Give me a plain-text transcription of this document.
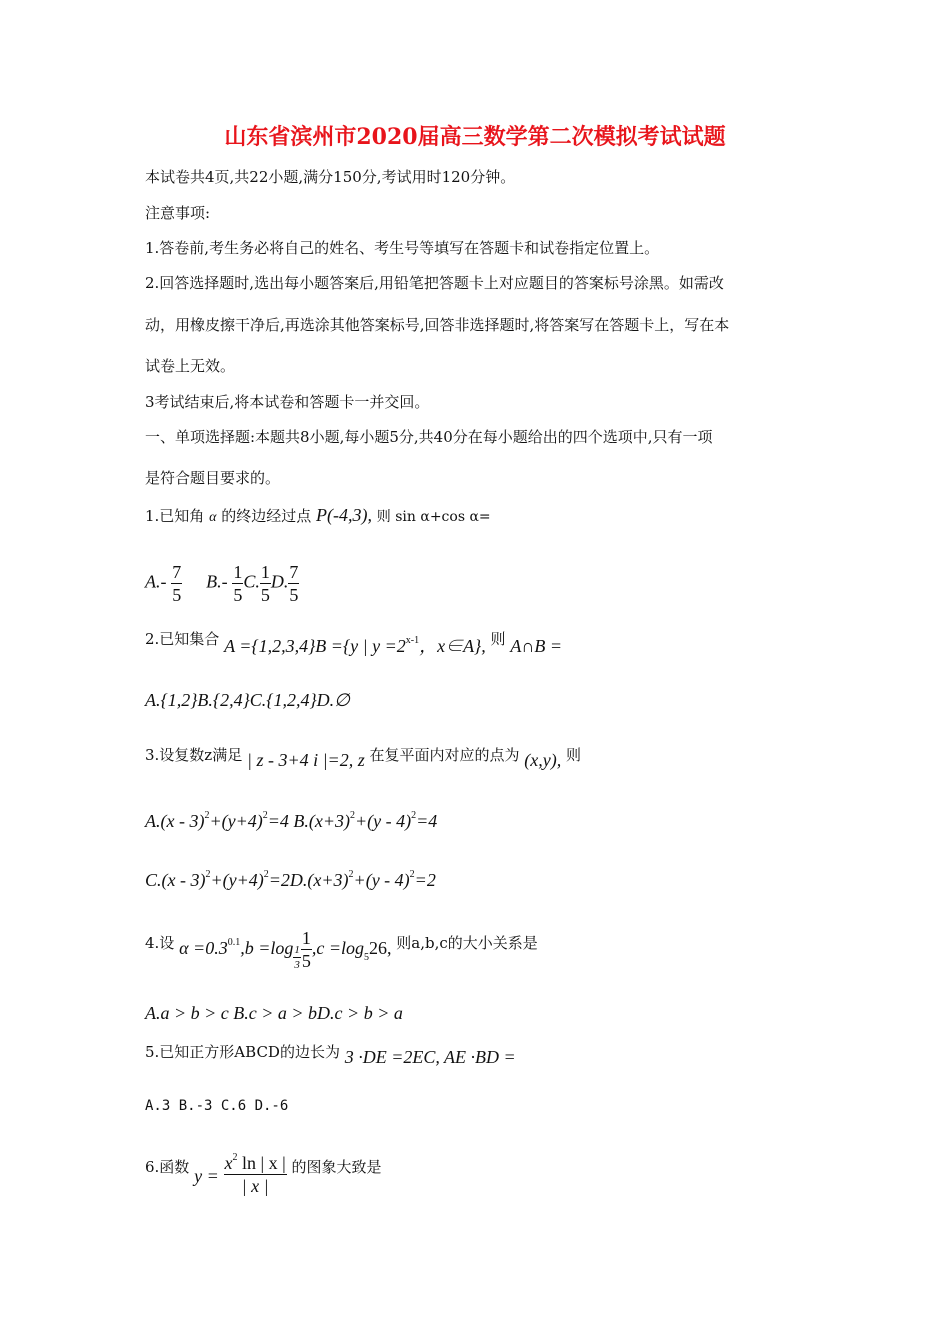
山东省滨州市2020届高三数学第二次模拟考试试题
本试卷共4页,共22小题,满分150分,考试用时120分钟。
注意事项:
1.答卷前,考生务必将自己的姓名、考生号等填写在答题卡和试卷指定位置上。
2.回答选择题时,选出每小题答案后,用铅笔把答题卡上对应题目的答案标号涂黑。如需改
动，用橡皮擦干净后,再选涂其他答案标号,回答非选择题时,将答案写在答题卡上，写在本
试卷上无效。
3考试结束后,将本试卷和答题卡一并交回。
一、单项选择题:本题共8小题,每小题5分,共40分在每小题给出的四个选项中,只有一项
是符合题目要求的。
1.已知角 α 的终边经过点 P(-4,3), 则 sin α+cos α=
$A.- \frac{7}{5} B.- \frac{1}{5} C$. $\frac{1}{5} D$. $\frac{7}{5}$
2.已知集合 A ={1,2,3,4}B ={y | $y =2^{x-1}$，x∈A}, 则 A∩B =
A.{1,2}B.{2,4}C.{1,2,4}D.∅
3.设复数z满足 | z - 3+4 i |=2, z 在复平面内对应的点为 (x,y), 则
$A.(x - 3)^2+(y+4)^2=4$ $B.(x+3)^2+(y - 4)^2=4$
$C.(x - 3)^2+(y+4)^2=2D.(x+3)^2+(y - 4)^2=2$
4.设 $\alpha =0.3^{0.1},b =\log \frac{1}{3} \frac{1}{5} ,c =\log_526$, 则a,b,c的大小关系是
A.a > b > c B.c > a > bD.c > b > a
5.已知正方形ABCD的边长为 3 ·DE =2EC, AE ·BD =
A.3 B.-3 C.6 D.-6
6.函数 $y = \frac{x^2 \ln | x |}{| x |}$ 的图象大致是
